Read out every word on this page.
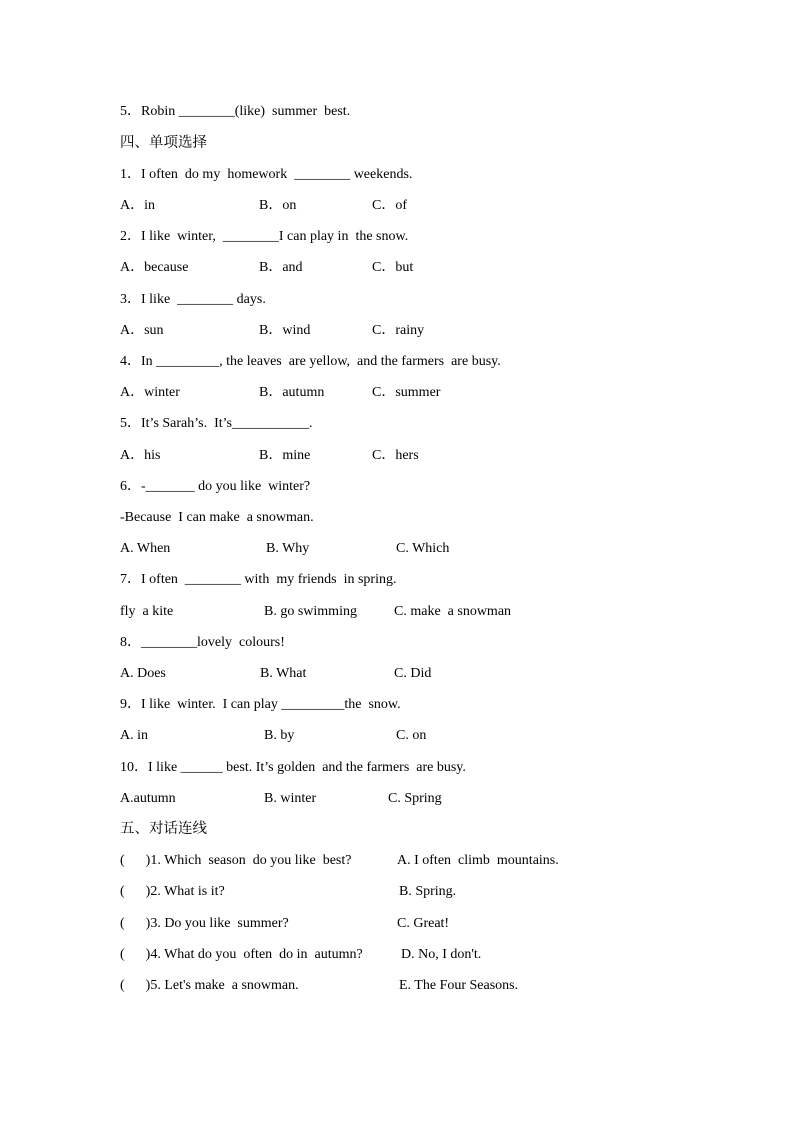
5．Robin ________(like)  summer  best.
四、单项选择
1．I often  do my  homework  ________ weekends.
A．in	B．on	C．of
2．I like  winter,  ________I can play in  the snow.
A．because	B．and	C．but
3．I like  ________ days.
A．sun	B．wind	C．rainy
4．In _________, the leaves  are yellow,  and the farmers  are busy.
A．winter	B．autumn	C．summer
5．It’s Sarah’s.  It’s___________.
A．his	B．mine	C．hers
6．-_______ do you like  winter?
-Because  I can make  a snowman.
A. When	B. Why	C. Which
7．I often  ________ with  my friends  in spring.
fly  a kite	B. go swimming	C. make  a snowman
8．________lovely  colours!
A. Does	B. What	C. Did
9．I like  winter.  I can play _________the  snow.
A. in	B. by	C. on
10．I like ______ best. It’s golden  and the farmers  are busy.
A.autumn	B. winter	C. Spring
五、对话连线
(      )1. Which  season  do you like  best?	A. I often  climb  mountains.
(      )2. What is it?	B. Spring.
(      )3. Do you like  summer?	C. Great!
(      )4. What do you  often  do in  autumn?	D. No, I don't.
(      )5. Let's make  a snowman.	E. The Four Seasons.
